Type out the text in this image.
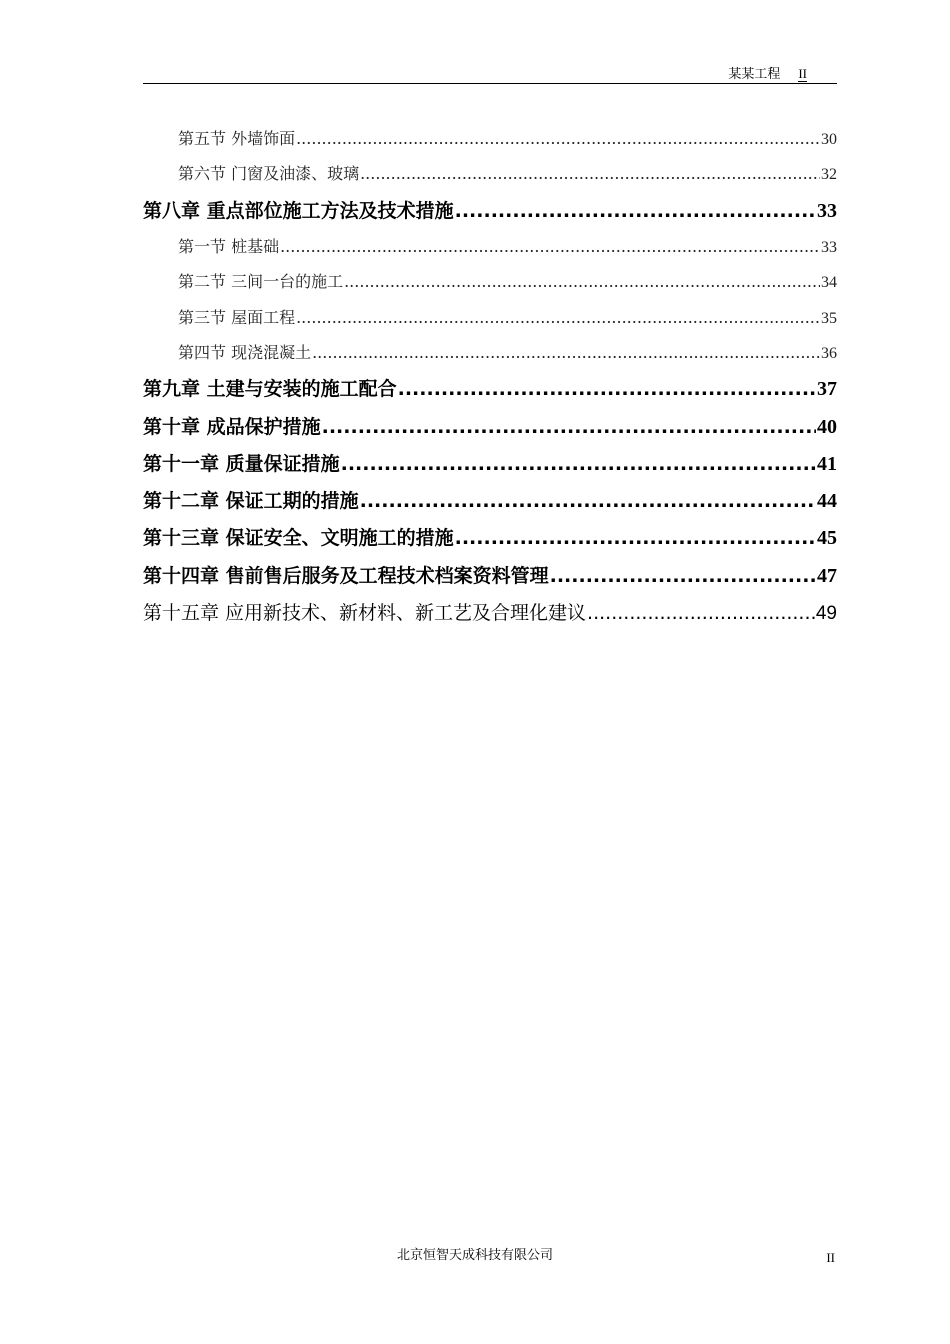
某某工程 II
第五节 外墙饰面 .....	30
第六节 门窗及油漆、玻璃 .....	32
第八章 重点部位施工方法及技术措施 .....	33
第一节 桩基础 .....	33
第二节 三间一台的施工 .....	34
第三节 屋面工程 .....	35
第四节 现浇混凝土 .....	36
第九章 土建与安装的施工配合 .....	37
第十章 成品保护措施 .....	40
第十一章 质量保证措施 .....	41
第十二章 保证工期的措施 .....	44
第十三章 保证安全、文明施工的措施 .....	45
第十四章 售前售后服务及工程技术档案资料管理 .....	47
第十五章 应用新技术、新材料、新工艺及合理化建议 .....	49
北京恒智天成科技有限公司	II
